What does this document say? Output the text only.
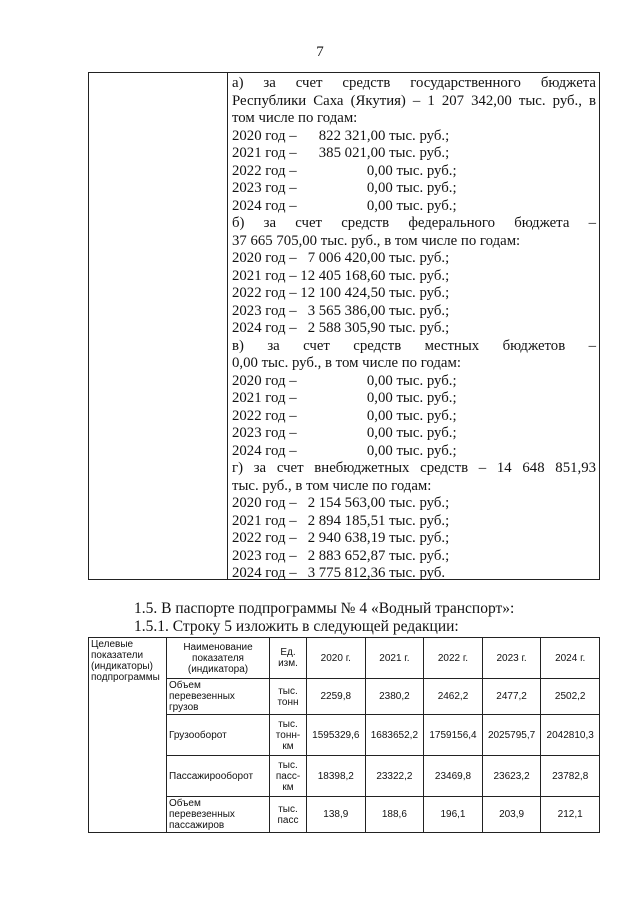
7
а) за счет средств государственного бюджета
Республики Саха (Якутия) – 1 207 342,00 тыс. руб., в
том числе по годам:
2020 год –      822 321,00 тыс. руб.;
2021 год –      385 021,00 тыс. руб.;
2022 год –                   0,00 тыс. руб.;
2023 год –                   0,00 тыс. руб.;
2024 год –                   0,00 тыс. руб.;
б) за счет средств федерального бюджета –
37 665 705,00 тыс. руб., в том числе по годам:
2020 год –   7 006 420,00 тыс. руб.;
2021 год – 12 405 168,60 тыс. руб.;
2022 год – 12 100 424,50 тыс. руб.;
2023 год –   3 565 386,00 тыс. руб.;
2024 год –   2 588 305,90 тыс. руб.;
в) за счет средств местных бюджетов –
0,00 тыс. руб., в том числе по годам:
2020 год –                   0,00 тыс. руб.;
2021 год –                   0,00 тыс. руб.;
2022 год –                   0,00 тыс. руб.;
2023 год –                   0,00 тыс. руб.;
2024 год –                   0,00 тыс. руб.;
г) за счет внебюджетных средств – 14 648 851,93
тыс. руб., в том числе по годам:
2020 год –   2 154 563,00 тыс. руб.;
2021 год –   2 894 185,51 тыс. руб.;
2022 год –   2 940 638,19 тыс. руб.;
2023 год –   2 883 652,87 тыс. руб.;
2024 год –   3 775 812,36 тыс. руб.
1.5. В паспорте подпрограммы № 4 «Водный транспорт»:
1.5.1. Строку 5 изложить в следующей редакции:
Целевые показатели (индикаторы) подпрограммы	Наименование показателя (индикатора)	Ед. изм.	2020 г.	2021 г.	2022 г.	2023 г.	2024 г.
	Объем перевезенных грузов	тыс. тонн	2259,8	2380,2	2462,2	2477,2	2502,2
	Грузооборот	тыс. тонн-км	1595329,6	1683652,2	1759156,4	2025795,7	2042810,3
	Пассажирооборот	тыс. пасс-км	18398,2	23322,2	23469,8	23623,2	23782,8
	Объем перевезенных пассажиров	тыс. пасс	138,9	188,6	196,1	203,9	212,1
